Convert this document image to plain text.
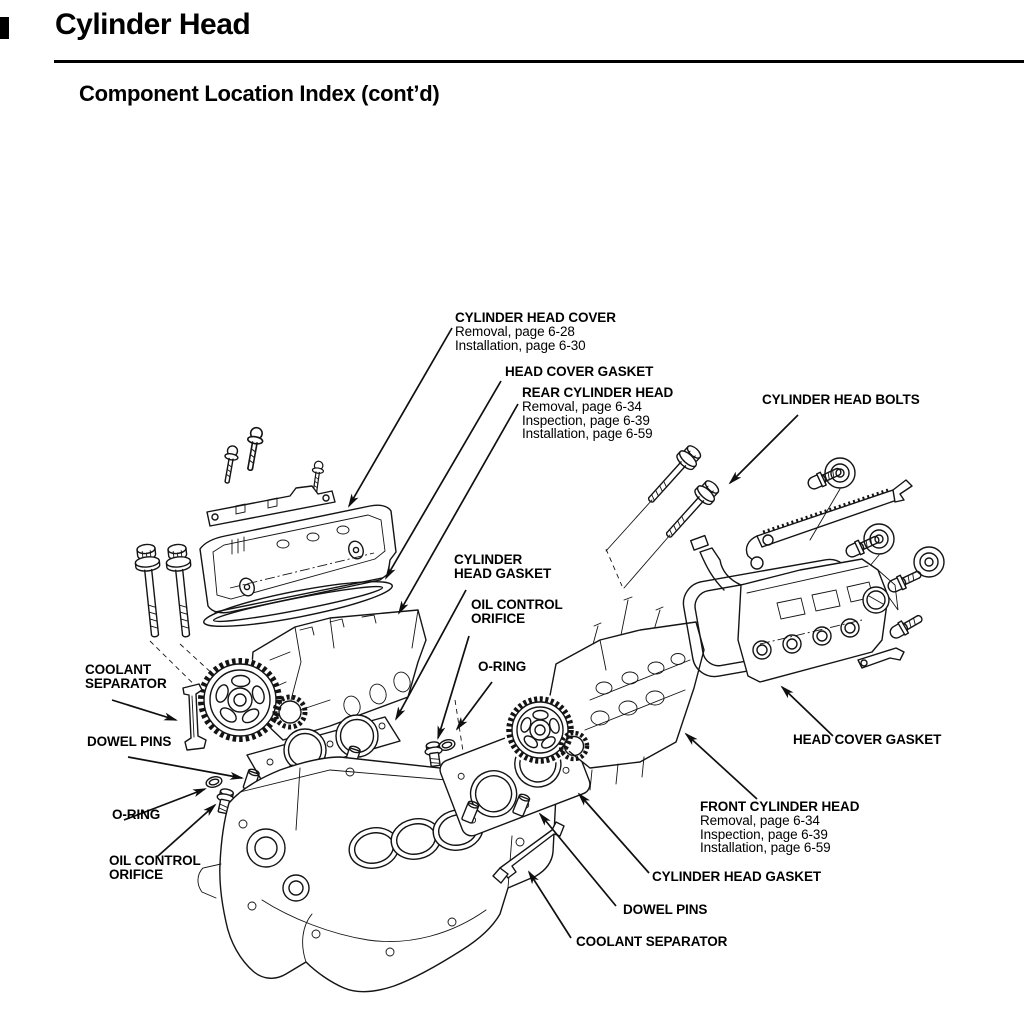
Cylinder Head
Component Location Index (cont’d)
CYLINDER HEAD COVER
Removal, page 6-28
Installation, page 6-30
HEAD COVER GASKET
REAR CYLINDER HEAD
Removal, page 6-34
Inspection, page 6-39
Installation, page 6-59
CYLINDER HEAD BOLTS
CYLINDER
HEAD GASKET
OIL CONTROL
ORIFICE
O-RING
COOLANT
SEPARATOR
DOWEL PINS
O-RING
OIL CONTROL
ORIFICE
HEAD COVER GASKET
FRONT CYLINDER HEAD
Removal, page 6-34
Inspection, page 6-39
Installation, page 6-59
CYLINDER HEAD GASKET
DOWEL PINS
COOLANT SEPARATOR
